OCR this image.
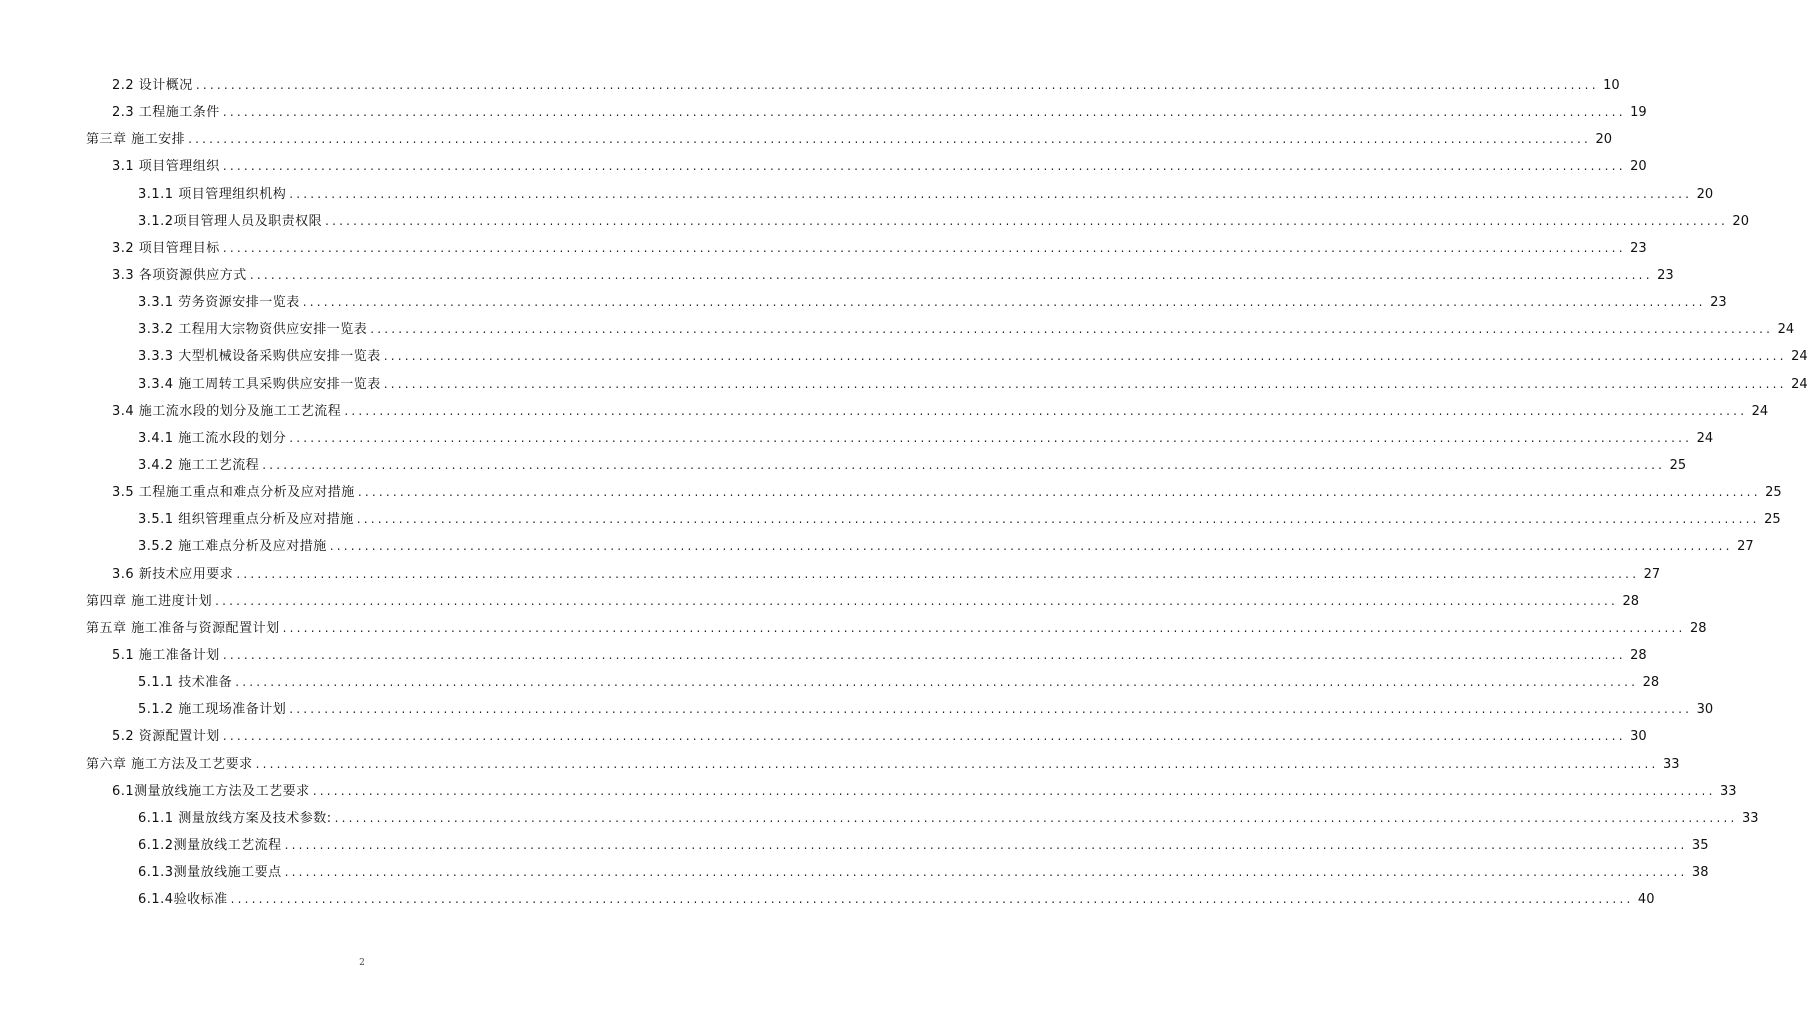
2.2 设计概况 ........................................................................................................................................................................................................ 10
2.3 工程施工条件 ........................................................................................................................................................................................................ 19
第三章 施工安排 ........................................................................................................................................................................................................ 20
3.1 项目管理组织 ........................................................................................................................................................................................................ 20
3.1.1 项目管理组织机构 ........................................................................................................................................................................................................ 20
3.1.2项目管理人员及职责权限 ........................................................................................................................................................................................................ 20
3.2 项目管理目标 ........................................................................................................................................................................................................ 23
3.3 各项资源供应方式 ........................................................................................................................................................................................................ 23
3.3.1 劳务资源安排一览表 ........................................................................................................................................................................................................ 23
3.3.2 工程用大宗物资供应安排一览表 ........................................................................................................................................................................................................ 24
3.3.3 大型机械设备采购供应安排一览表 ........................................................................................................................................................................................................ 24
3.3.4 施工周转工具采购供应安排一览表 ........................................................................................................................................................................................................ 24
3.4 施工流水段的划分及施工工艺流程 ........................................................................................................................................................................................................ 24
3.4.1 施工流水段的划分 ........................................................................................................................................................................................................ 24
3.4.2 施工工艺流程 ........................................................................................................................................................................................................ 25
3.5 工程施工重点和难点分析及应对措施 ........................................................................................................................................................................................................ 25
3.5.1 组织管理重点分析及应对措施 ........................................................................................................................................................................................................ 25
3.5.2 施工难点分析及应对措施 ........................................................................................................................................................................................................ 27
3.6 新技术应用要求 ........................................................................................................................................................................................................ 27
第四章 施工进度计划 ........................................................................................................................................................................................................ 28
第五章 施工准备与资源配置计划 ........................................................................................................................................................................................................ 28
5.1 施工准备计划 ........................................................................................................................................................................................................ 28
5.1.1 技术准备 ........................................................................................................................................................................................................ 28
5.1.2 施工现场准备计划 ........................................................................................................................................................................................................ 30
5.2 资源配置计划 ........................................................................................................................................................................................................ 30
第六章 施工方法及工艺要求 ........................................................................................................................................................................................................ 33
6.1测量放线施工方法及工艺要求 ........................................................................................................................................................................................................ 33
6.1.1 测量放线方案及技术参数: ........................................................................................................................................................................................................ 33
6.1.2测量放线工艺流程 ........................................................................................................................................................................................................ 35
6.1.3测量放线施工要点 ........................................................................................................................................................................................................ 38
6.1.4验收标准 ........................................................................................................................................................................................................ 40
2
